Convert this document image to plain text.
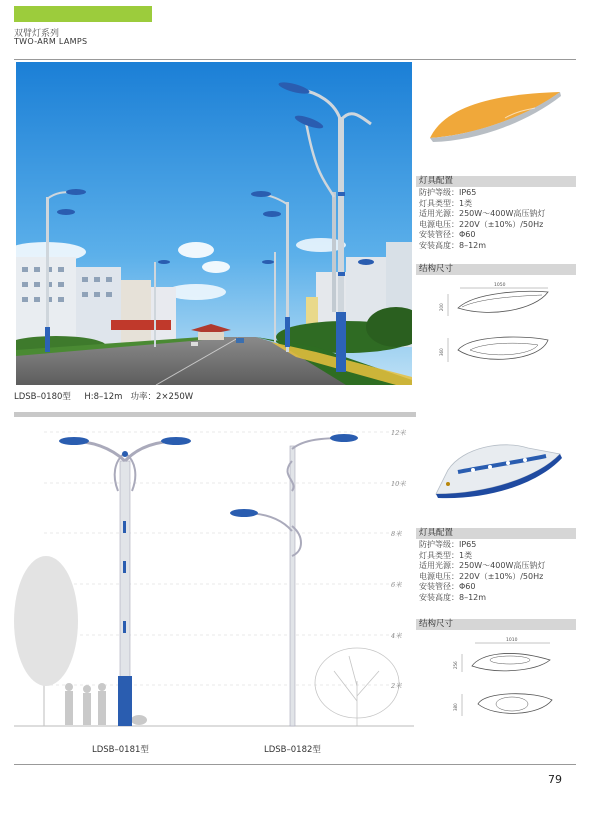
双臂灯系列
TWO-ARM LAMPS
灯具配置
防护等级：IP65
灯具类型：1类
适用光源：250W～400W高压钠灯
电源电压：220V（±10%）/50Hz
安装管径：Φ60
安装高度：8–12m
结构尺寸
1050
200
360
LDSB–0180型     H:8–12m   功率：2×250W
12米
10米
8米
6米
4米
2米
灯具配置
防护等级：IP65
灯具类型：1类
适用光源：250W～400W高压钠灯
电源电压：220V（±10%）/50Hz
安装管径：Φ60
安装高度：8–12m
结构尺寸
1010
256
380
LDSB–0181型	LDSB–0182型
79
